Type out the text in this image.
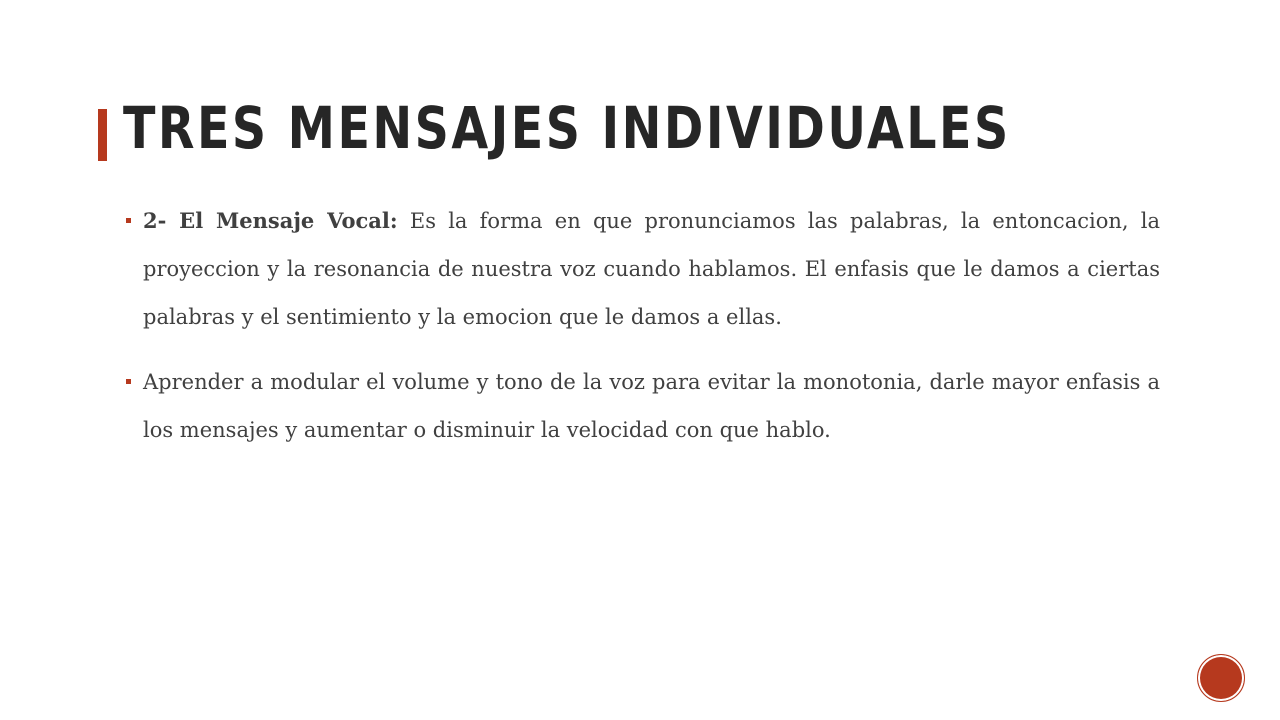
TRES MENSAJES INDIVIDUALES
2- El Mensaje Vocal: Es la forma en que pronunciamos las palabras, la entoncacion, la proyeccion y la resonancia de nuestra voz cuando hablamos. El enfasis que le damos a ciertas palabras y el sentimiento y la emocion que le damos a ellas.
Aprender a modular el volume y tono de la voz para evitar la monotonia, darle mayor enfasis a los mensajes y aumentar o disminuir la velocidad con que hablo.
